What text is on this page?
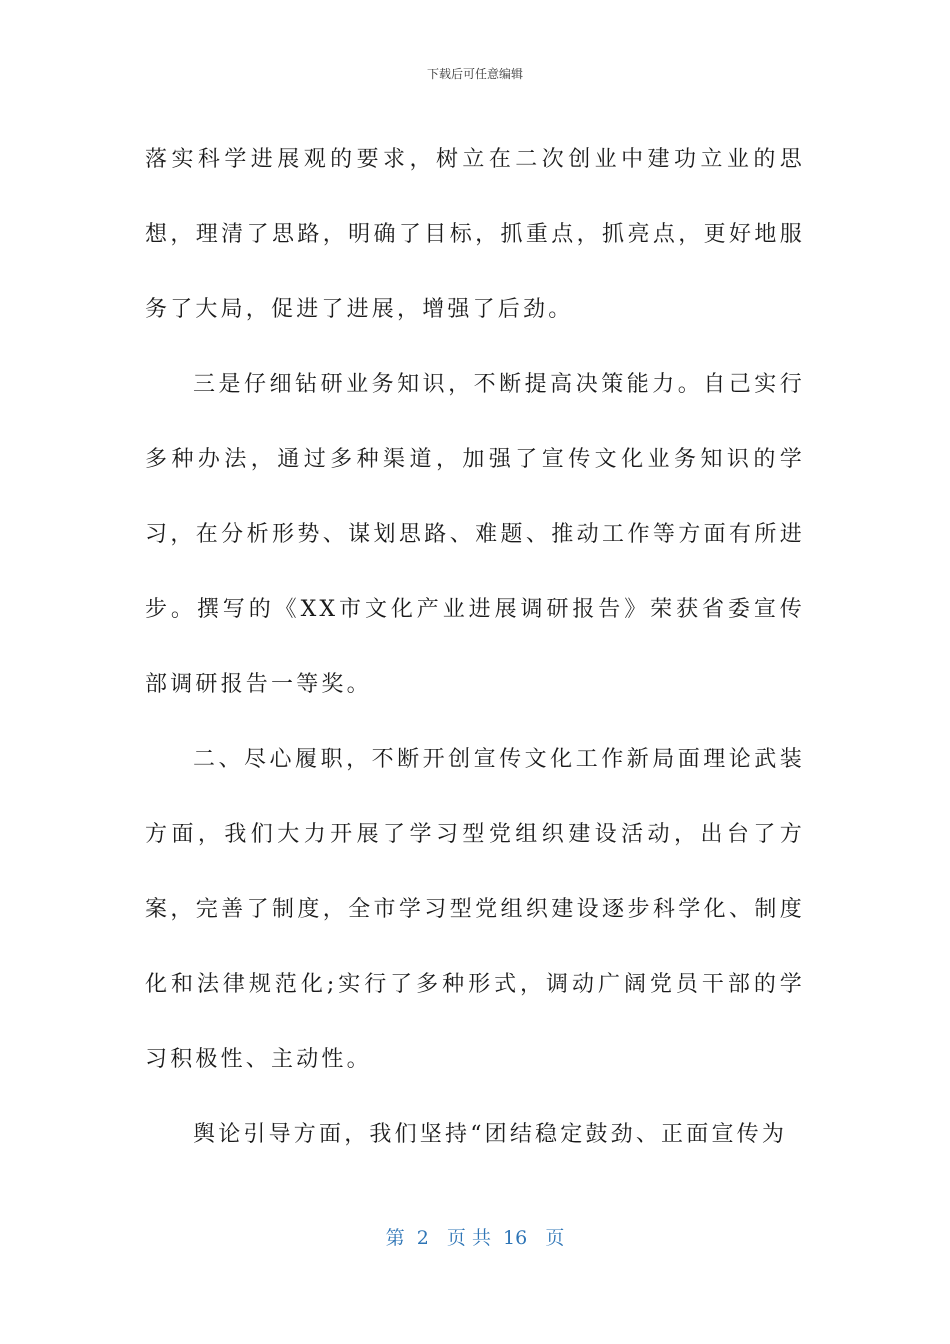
下载后可任意编辑

落实科学进展观的要求，树立在二次创业中建功立业的思想，理清了思路，明确了目标，抓重点，抓亮点，更好地服务了大局，促进了进展，增强了后劲。

三是仔细钻研业务知识，不断提高决策能力。自己实行多种办法，通过多种渠道，加强了宣传文化业务知识的学习，在分析形势、谋划思路、难题、推动工作等方面有所进步。撰写的《XX市文化产业进展调研报告》荣获省委宣传部调研报告一等奖。

二、尽心履职，不断开创宣传文化工作新局面理论武装方面，我们大力开展了学习型党组织建设活动，出台了方案，完善了制度，全市学习型党组织建设逐步科学化、制度化和法律规范化;实行了多种形式，调动广阔党员干部的学习积极性、主动性。

舆论引导方面，我们坚持“团结稳定鼓劲、正面宣传为

第  2   页 共  16   页
